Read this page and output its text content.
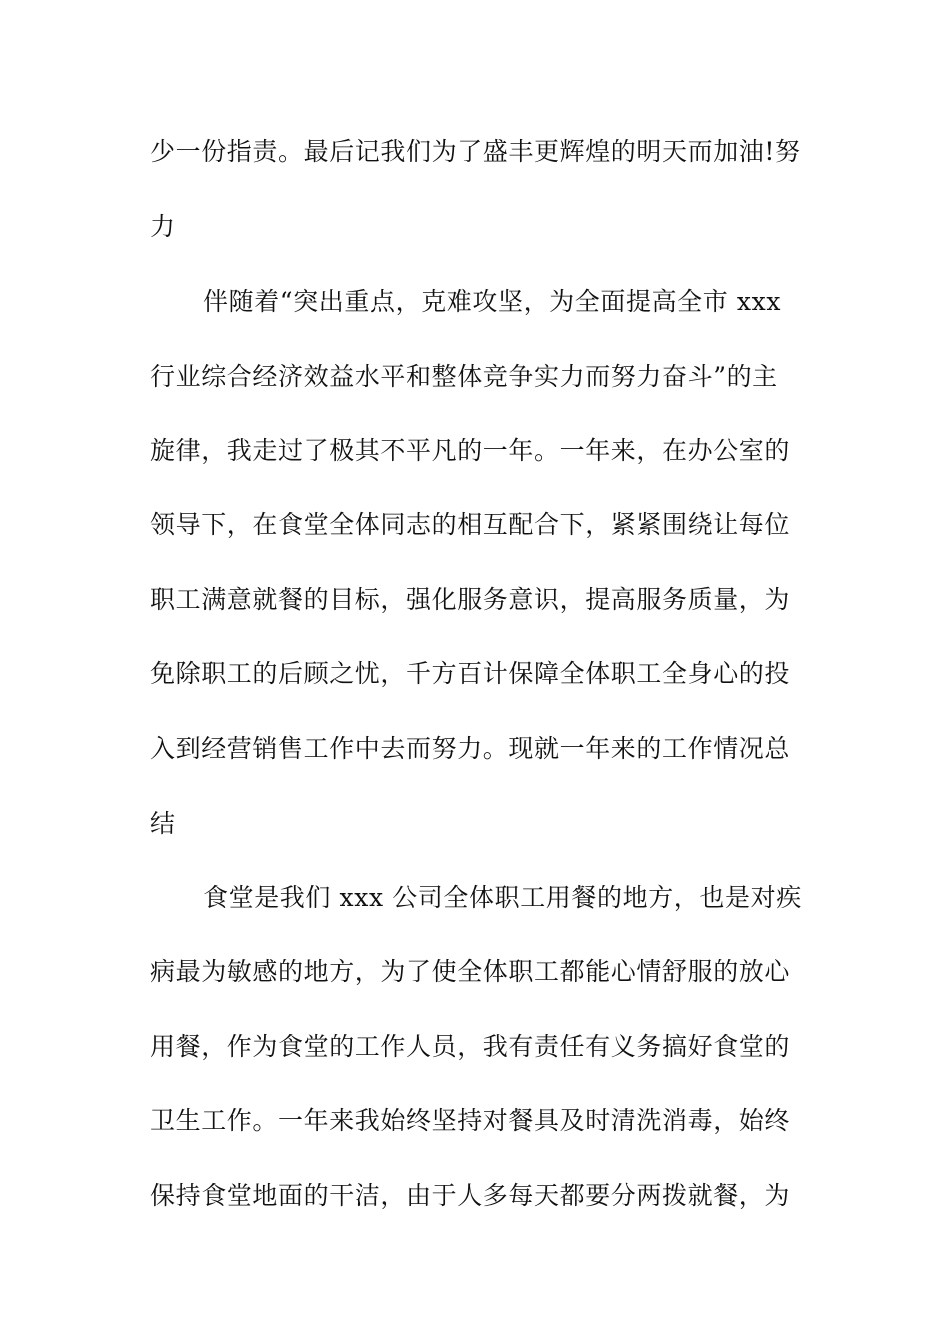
少一份指责。最后记我们为了盛丰更辉煌的明天而加油!努

力

伴随着“突出重点，克难攻坚，为全面提高全市 xxx

行业综合经济效益水平和整体竞争实力而努力奋斗”的主

旋律，我走过了极其不平凡的一年。一年来，在办公室的

领导下，在食堂全体同志的相互配合下，紧紧围绕让每位

职工满意就餐的目标，强化服务意识，提高服务质量，为

免除职工的后顾之忧，千方百计保障全体职工全身心的投

入到经营销售工作中去而努力。现就一年来的工作情况总

结

食堂是我们 xxx 公司全体职工用餐的地方，也是对疾

病最为敏感的地方，为了使全体职工都能心情舒服的放心

用餐，作为食堂的工作人员，我有责任有义务搞好食堂的

卫生工作。一年来我始终坚持对餐具及时清洗消毒，始终

保持食堂地面的干洁，由于人多每天都要分两拨就餐，为
